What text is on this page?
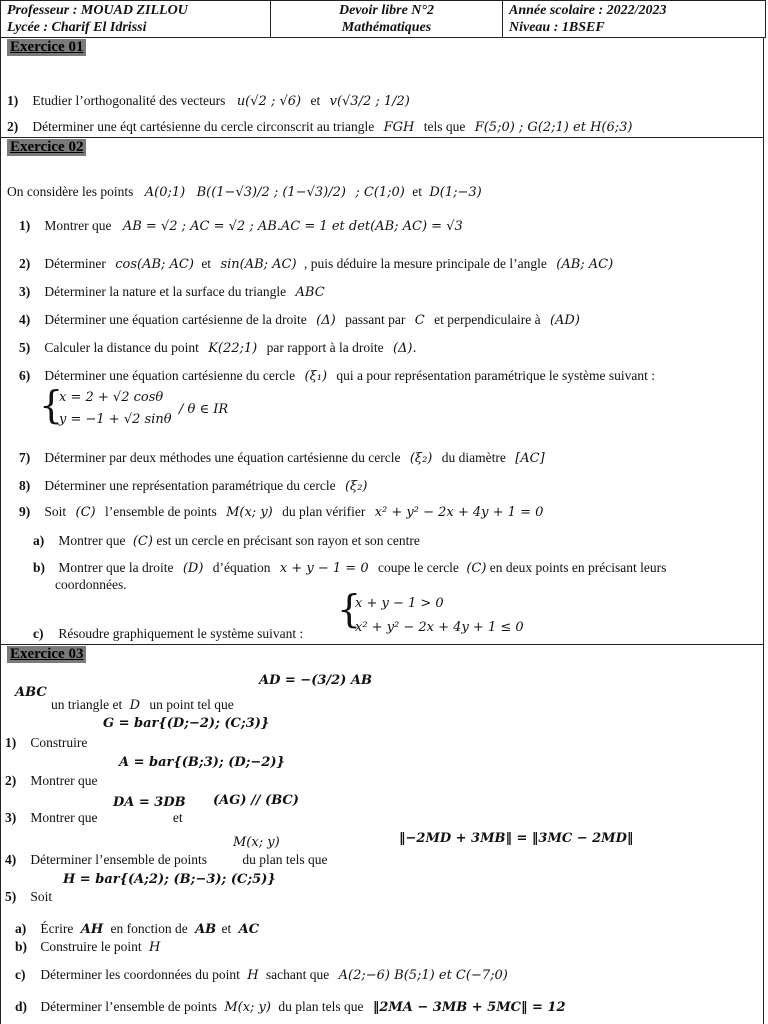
Professeur : MOUAD ZILLOU
Lycée : Charif El Idrissi
Devoir libre N°2
Mathématiques
Année scolaire : 2022/2023
Niveau : 1BSEF
Exercice 01
1) Etudier l’orthogonalité des vecteurs u(√2 ; √6) et v(√3/2 ; 1/2)
2) Déterminer une éqt cartésienne du cercle circonscrit au triangle FGH tels que F(5;0) ; G(2;1) et H(6;3)
Exercice 02
On considère les points A(0;1) B((1−√3)/2 ; (1−√3)/2) ; C(1;0) et D(1;−3)
1) Montrer que AB = √2 ; AC = √2 ; AB.AC = 1 et det(AB; AC) = √3
2) Déterminer cos(AB; AC) et sin(AB; AC) , puis déduire la mesure principale de l’angle (AB; AC)
3) Déterminer la nature et la surface du triangle ABC
4) Déterminer une équation cartésienne de la droite (Δ) passant par C et perpendiculaire à (AD)
5) Calculer la distance du point K(22;1) par rapport à la droite (Δ).
6) Déterminer une équation cartésienne du cercle (ξ₁) qui a pour représentation paramétrique le système suivant :
{
x = 2 + √2 cosθ
y = −1 + √2 sinθ
/ θ ∈ IR
7) Déterminer par deux méthodes une équation cartésienne du cercle (ξ₂) du diamètre [AC]
8) Déterminer une représentation paramétrique du cercle (ξ₂)
9) Soit (C) l’ensemble de points M(x; y) du plan vérifier x² + y² − 2x + 4y + 1 = 0
a) Montrer que (C) est un cercle en précisant son rayon et son centre
b) Montrer que la droite (D) d’équation x + y − 1 = 0 coupe le cercle (C) en deux points en précisant leurs
coordonnées.
{
x + y − 1 > 0
x² + y² − 2x + 4y + 1 ≤ 0
c) Résoudre graphiquement le système suivant :
Exercice 03
AD = −(3/2) AB
ABC
un triangle et D un point tel que
G = bar{(D;−2); (C;3)}
1) Construire
A = bar{(B;3); (D;−2)}
2) Montrer que
(AG) // (BC)
DA = 3DB
3) Montrer que	et
‖−2MD + 3MB‖ = ‖3MC − 2MD‖
M(x; y)
4) Déterminer l’ensemble de points	du plan tels que
H = bar{(A;2); (B;−3); (C;5)}
5) Soit
a) Écrire AH en fonction de AB et AC
b) Construire le point H
c) Déterminer les coordonnées du point H sachant que A(2;−6) B(5;1) et C(−7;0)
d) Déterminer l’ensemble de points M(x; y) du plan tels que ‖2MA − 3MB + 5MC‖ = 12
